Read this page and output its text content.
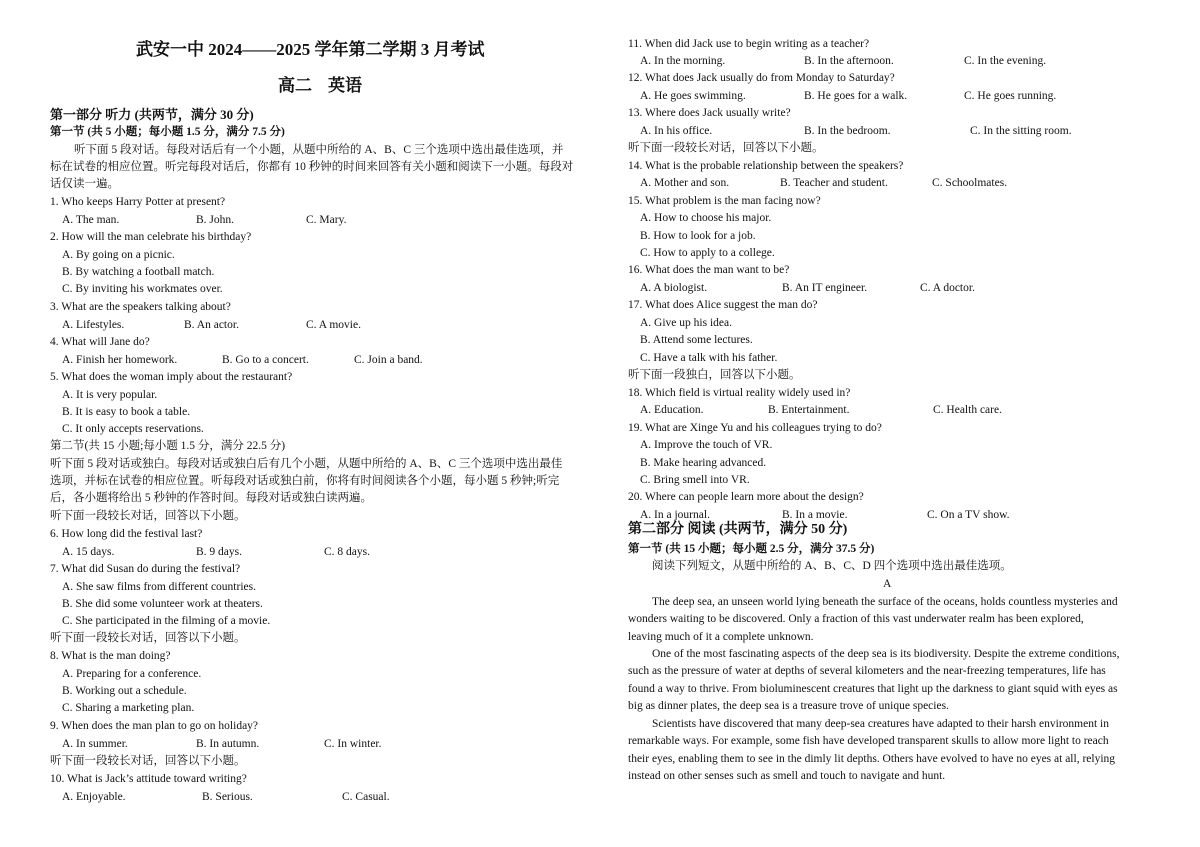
武安一中 2024——2025 学年第二学期 3 月考试
高二 英语
第一部分 听力 (共两节，满分 30 分)
第一节 (共 5 小题；每小题 1.5 分，满分 7.5 分)
听下面 5 段对话。每段对话后有一个小题，从题中所给的 A、B、C 三个选项中选出最佳选项，并
标在试卷的相应位置。听完每段对话后，你都有 10 秒钟的时间来回答有关小题和阅读下一小题。每段对
话仅读一遍。
1. Who keeps Harry Potter at present?
A. The man.	B. John.	C. Mary.
2. How will the man celebrate his birthday?
A. By going on a picnic.
B. By watching a football match.
C. By inviting his workmates over.
3. What are the speakers talking about?
A. Lifestyles.	B. An actor.	C. A movie.
4. What will Jane do?
A. Finish her homework.	B. Go to a concert.	C. Join a band.
5. What does the woman imply about the restaurant?
A. It is very popular.
B. It is easy to book a table.
C. It only accepts reservations.
第二节(共 15 小题;每小题 1.5 分，满分 22.5 分)
听下面 5 段对话或独白。每段对话或独白后有几个小题，从题中所给的 A、B、C 三个选项中选出最佳
选项，并标在试卷的相应位置。听每段对话或独白前，你将有时间阅读各个小题，每小题 5 秒钟;听完
后，各小题将给出 5 秒钟的作答时间。每段对话或独白读两遍。
听下面一段较长对话，回答以下小题。
6. How long did the festival last?
A. 15 days.	B. 9 days.	C. 8 days.
7. What did Susan do during the festival?
A. She saw films from different countries.
B. She did some volunteer work at theaters.
C. She participated in the filming of a movie.
听下面一段较长对话，回答以下小题。
8. What is the man doing?
A. Preparing for a conference.
B. Working out a schedule.
C. Sharing a marketing plan.
9. When does the man plan to go on holiday?
A. In summer.	B. In autumn.	C. In winter.
听下面一段较长对话，回答以下小题。
10. What is Jack’s attitude toward writing?
A. Enjoyable.	B. Serious.	C. Casual.
11. When did Jack use to begin writing as a teacher?
A. In the morning.	B. In the afternoon.	C. In the evening.
12. What does Jack usually do from Monday to Saturday?
A. He goes swimming.	B. He goes for a walk.	C. He goes running.
13. Where does Jack usually write?
A. In his office.	B. In the bedroom.	C. In the sitting room.
听下面一段较长对话，回答以下小题。
14. What is the probable relationship between the speakers?
A. Mother and son.	B. Teacher and student.	C. Schoolmates.
15. What problem is the man facing now?
A. How to choose his major.
B. How to look for a job.
C. How to apply to a college.
16. What does the man want to be?
A. A biologist.	B. An IT engineer.	C. A doctor.
17. What does Alice suggest the man do?
A. Give up his idea.
B. Attend some lectures.
C. Have a talk with his father.
听下面一段独白，回答以下小题。
18. Which field is virtual reality widely used in?
A. Education.	B. Entertainment.	C. Health care.
19. What are Xinge Yu and his colleagues trying to do?
A. Improve the touch of VR.
B. Make hearing advanced.
C. Bring smell into VR.
20. Where can people learn more about the design?
A. In a journal.	B. In a movie.	C. On a TV show.
第二部分 阅读 (共两节，满分 50 分)
第一节 (共 15 小题；每小题 2.5 分，满分 37.5 分)
阅读下列短文，从题中所给的 A、B、C、D 四个选项中选出最佳选项。
A
The deep sea, an unseen world lying beneath the surface of the oceans, holds countless mysteries and
wonders waiting to be discovered. Only a fraction of this vast underwater realm has been explored,
leaving much of it a complete unknown.
One of the most fascinating aspects of the deep sea is its biodiversity. Despite the extreme conditions,
such as the pressure of water at depths of several kilometers and the near-freezing temperatures, life has
found a way to thrive. From bioluminescent creatures that light up the darkness to giant squid with eyes as
big as dinner plates, the deep sea is a treasure trove of unique species.
Scientists have discovered that many deep-sea creatures have adapted to their harsh environment in
remarkable ways. For example, some fish have developed transparent skulls to allow more light to reach
their eyes, enabling them to see in the dimly lit depths. Others have evolved to have no eyes at all, relying
instead on other senses such as smell and touch to navigate and hunt.
